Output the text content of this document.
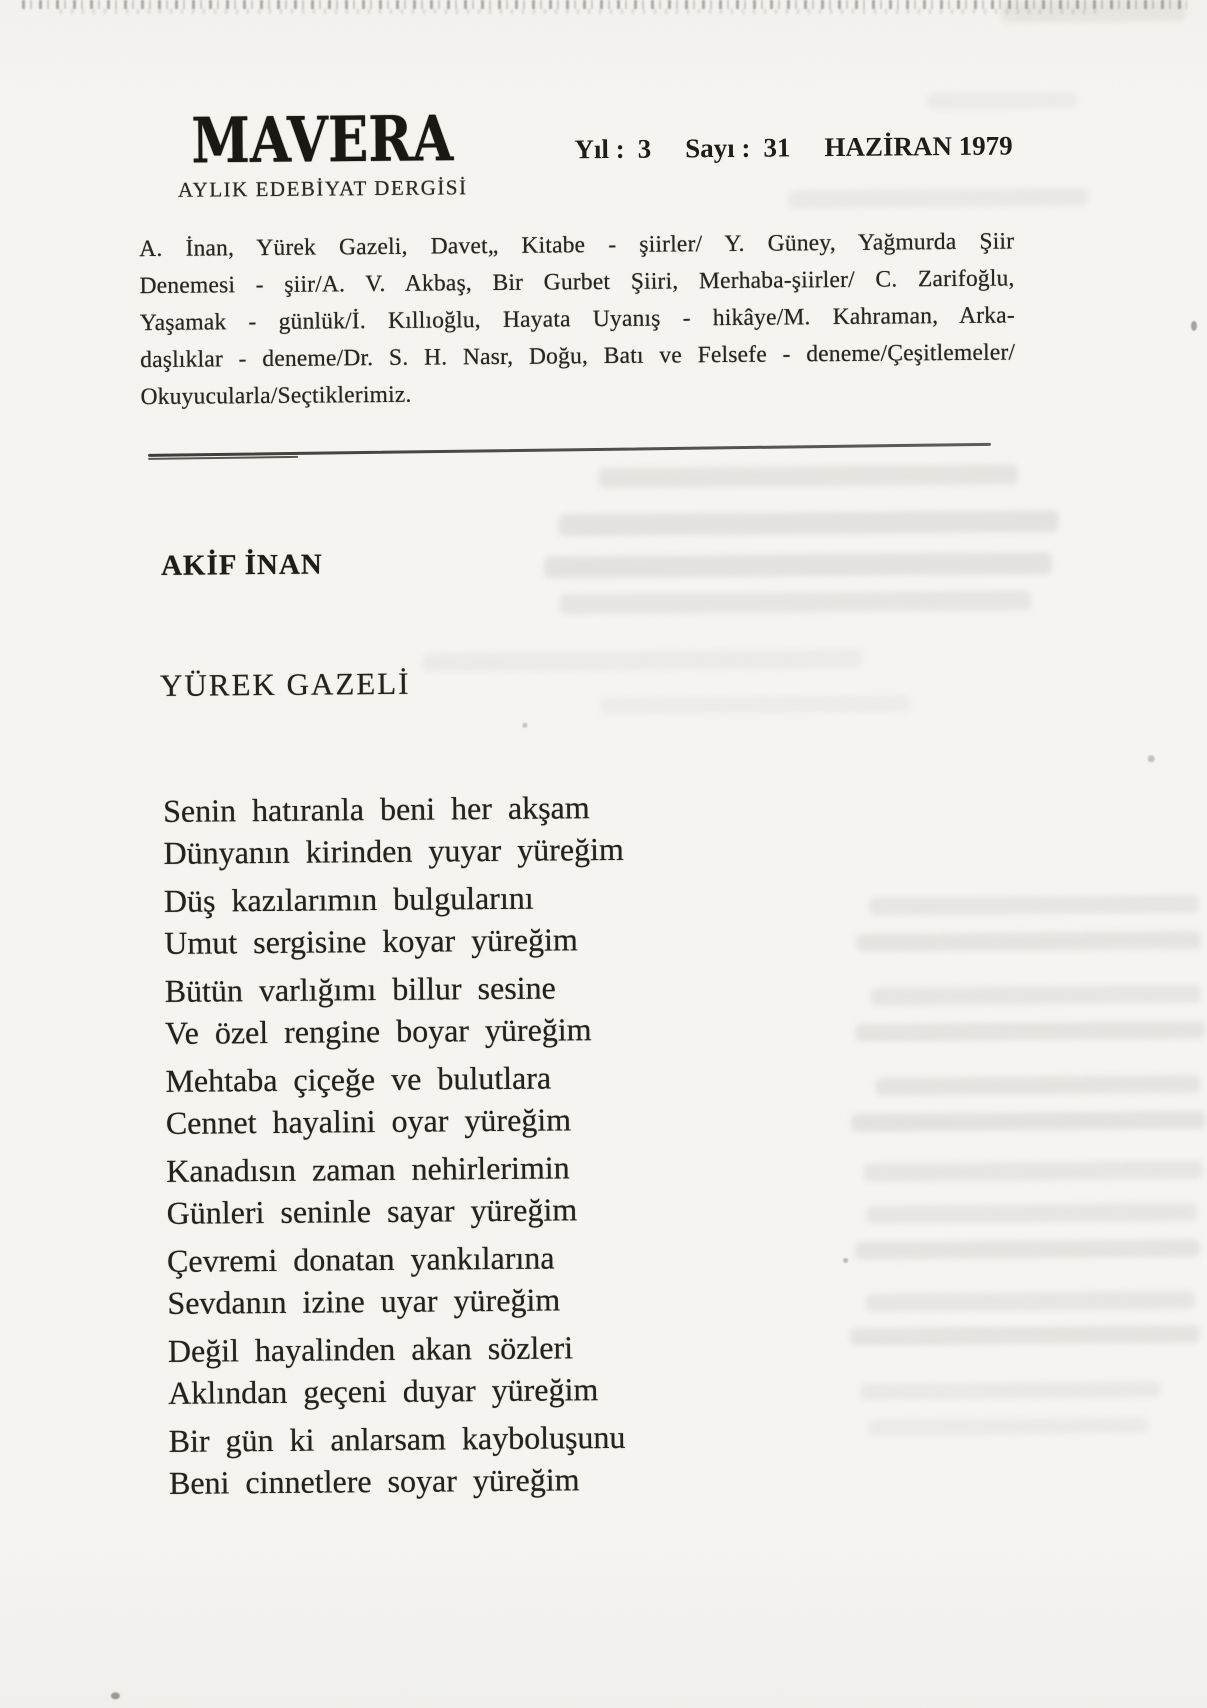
MAVERA
AYLIK EDEBİYAT DERGİSİ
Yıl : 3 Sayı : 31 HAZİRAN 1979
A. İnan, Yürek Gazeli, Davet„ Kitabe - şiirler/ Y. Güney, Yağmurda Şiir
Denemesi - şiir/A. V. Akbaş, Bir Gurbet Şiiri, Merhaba-şiirler/ C. Zarifoğlu,
Yaşamak - günlük/İ. Kıllıoğlu, Hayata Uyanış - hikâye/M. Kahraman, Arka-
daşlıklar - deneme/Dr. S. H. Nasr, Doğu, Batı ve Felsefe - deneme/Çeşitlemeler/
Okuyucularla/Seçtiklerimiz.
AKİF İNAN
YÜREK GAZELİ
Senin hatıranla beni her akşam
Dünyanın kirinden yuyar yüreğim
Düş kazılarımın bulgularını
Umut sergisine koyar yüreğim
Bütün varlığımı billur sesine
Ve özel rengine boyar yüreğim
Mehtaba çiçeğe ve bulutlara
Cennet hayalini oyar yüreğim
Kanadısın zaman nehirlerimin
Günleri seninle sayar yüreğim
Çevremi donatan yankılarına
Sevdanın izine uyar yüreğim
Değil hayalinden akan sözleri
Aklından geçeni duyar yüreğim
Bir gün ki anlarsam kayboluşunu
Beni cinnetlere soyar yüreğim
